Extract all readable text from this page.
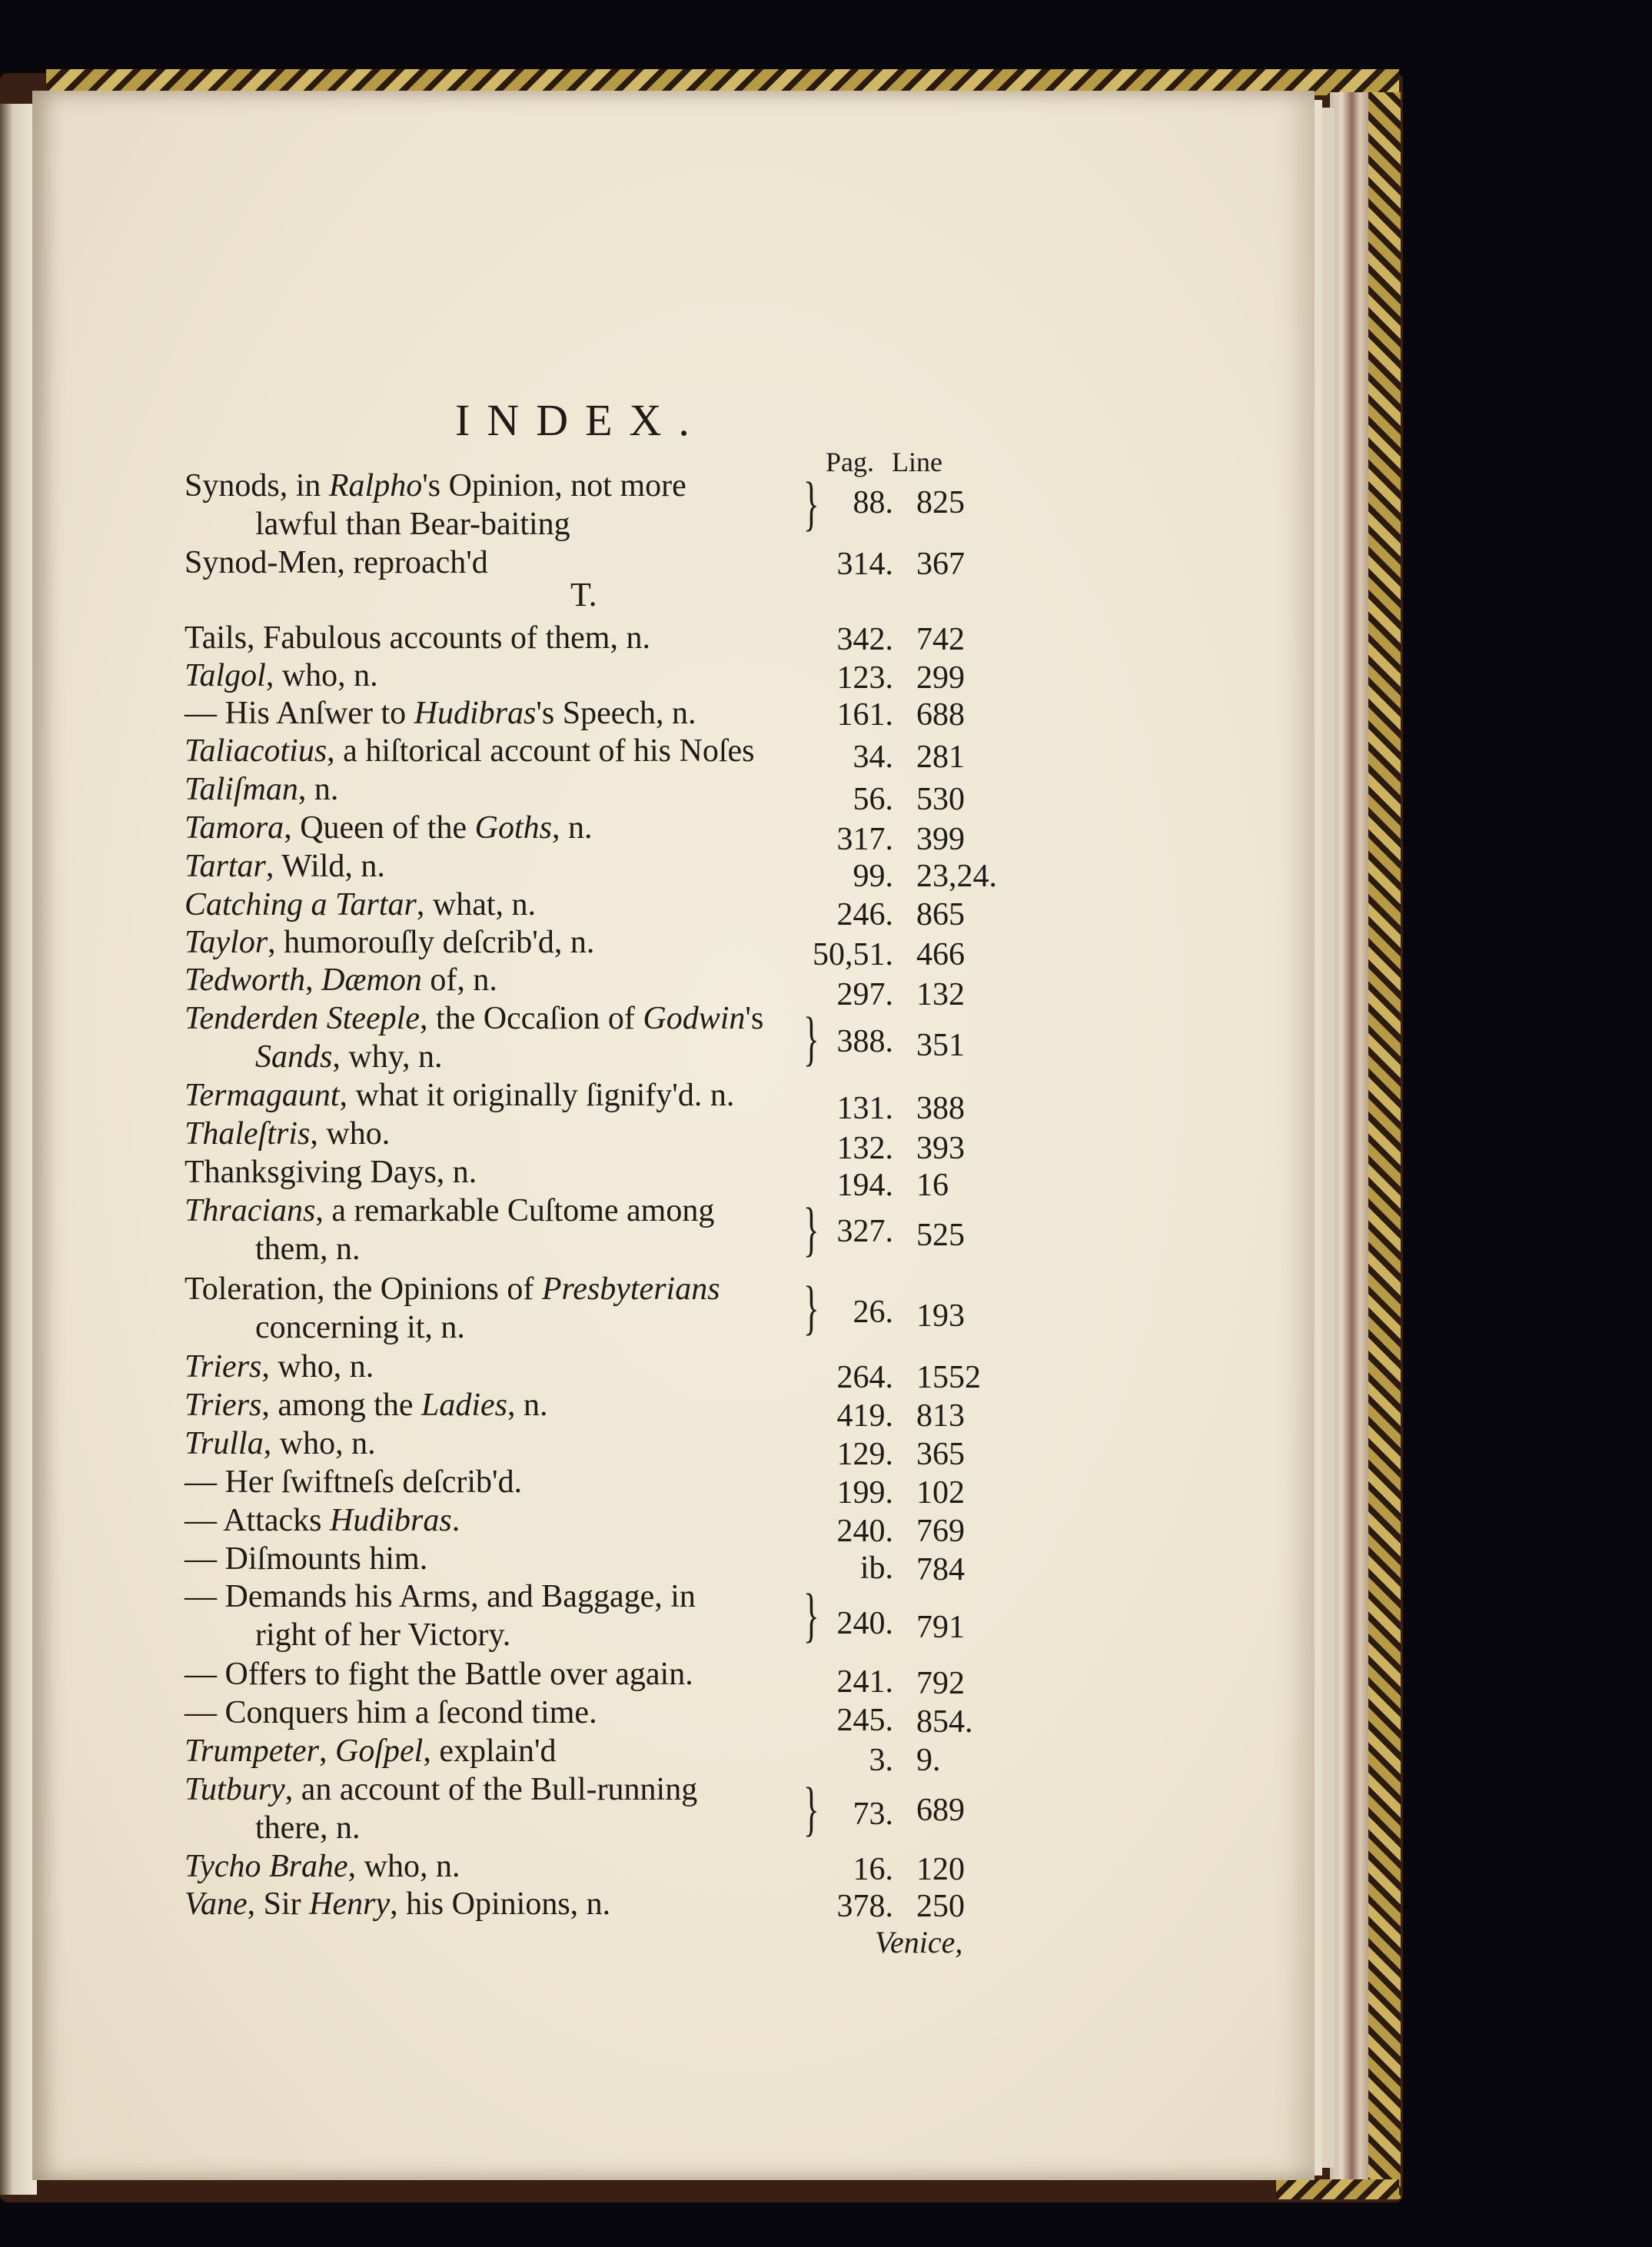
INDEX.
Pag. Line
Synods, in Ralpho's Opinion, not more
lawful than Bear-baiting	}	88. 825
Synod-Men, reproach'd	314. 367
T.
Tails, Fabulous accounts of them, n.	342. 742
Talgol, who, n.	123. 299
— His Anſwer to Hudibras's Speech, n.	161. 688
Taliacotius, a hiſtorical account of his Noſes	34. 281
Taliſman, n.	56. 530
Tamora, Queen of the Goths, n.	317. 399
Tartar, Wild, n.	99. 23,24.
Catching a Tartar, what, n.	246. 865
Taylor, humorouſly deſcrib'd, n.	50,51. 466
Tedworth, Dæmon of, n.	297. 132
Tenderden Steeple, the Occaſion of Godwin's
Sands, why, n.	} 388. 351
Termagaunt, what it originally ſignify'd. n.	131. 388
Thaleſtris, who.	132. 393
Thanksgiving Days, n.	194. 16
Thracians, a remarkable Cuſtome among
them, n.	} 327. 525
Toleration, the Opinions of Presbyterians
concerning it, n.	}	26. 193
Triers, who, n.	264. 1552
Triers, among the Ladies, n.	419. 813
Trulla, who, n.	129. 365
— Her ſwiftneſs deſcrib'd.	199. 102
— Attacks Hudibras.	240. 769
— Diſmounts him.	ib. 784
— Demands his Arms, and Baggage, in
right of her Victory.	} 240. 791
— Offers to fight the Battle over again.	241. 792
— Conquers him a ſecond time.	245. 854.
Trumpeter, Goſpel, explain'd	3. 9.
Tutbury, an account of the Bull-running
there, n.	}	73. 689
Tycho Brahe, who, n.	16. 120
Vane, Sir Henry, his Opinions, n.	378. 250
Venice,
